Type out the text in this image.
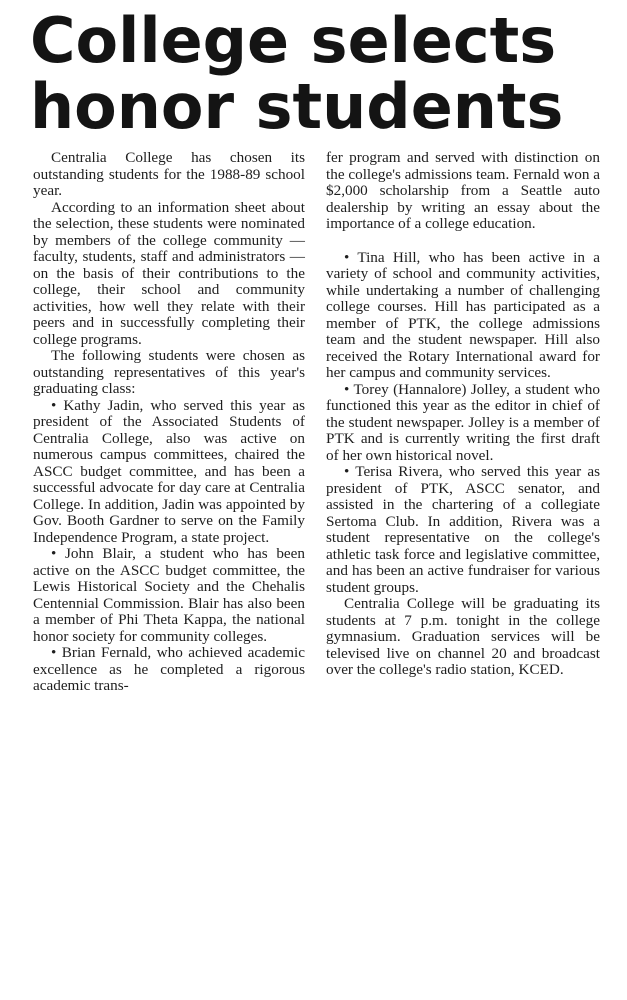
College selects
honor students

Centralia College has chosen its outstanding students for the 1988-89 school year.

According to an information sheet about the selection, these students were nominated by members of the college community — faculty, students, staff and administrators — on the basis of their contributions to the college, their school and community activities, how well they relate with their peers and in successfully completing their college programs.

The following students were chosen as outstanding representatives of this year's graduating class:

• Kathy Jadin, who served this year as president of the Associated Students of Centralia College, also was active on numerous campus committees, chaired the ASCC budget committee, and has been a successful advocate for day care at Centralia College. In addition, Jadin was appointed by Gov. Booth Gardner to serve on the Family Independence Program, a state project.

• John Blair, a student who has been active on the ASCC budget committee, the Lewis Historical Society and the Chehalis Centennial Commission. Blair has also been a member of Phi Theta Kappa, the national honor society for community colleges.

• Brian Fernald, who achieved academic excellence as he completed a rigorous academic trans-

fer program and served with distinction on the college's admissions team. Fernald won a $2,000 scholarship from a Seattle auto dealership by writing an essay about the importance of a college education.

• Tina Hill, who has been active in a variety of school and community activities, while undertaking a number of challenging college courses. Hill has participated as a member of PTK, the college admissions team and the student newspaper. Hill also received the Rotary International award for her campus and community services.

• Torey (Hannalore) Jolley, a student who functioned this year as the editor in chief of the student newspaper. Jolley is a member of PTK and is currently writing the first draft of her own historical novel.

• Terisa Rivera, who served this year as president of PTK, ASCC senator, and assisted in the chartering of a collegiate Sertoma Club. In addition, Rivera was a student representative on the college's athletic task force and legislative committee, and has been an active fundraiser for various student groups.

Centralia College will be graduating its students at 7 p.m. tonight in the college gymnasium. Graduation services will be televised live on channel 20 and broadcast over the college's radio station, KCED.
